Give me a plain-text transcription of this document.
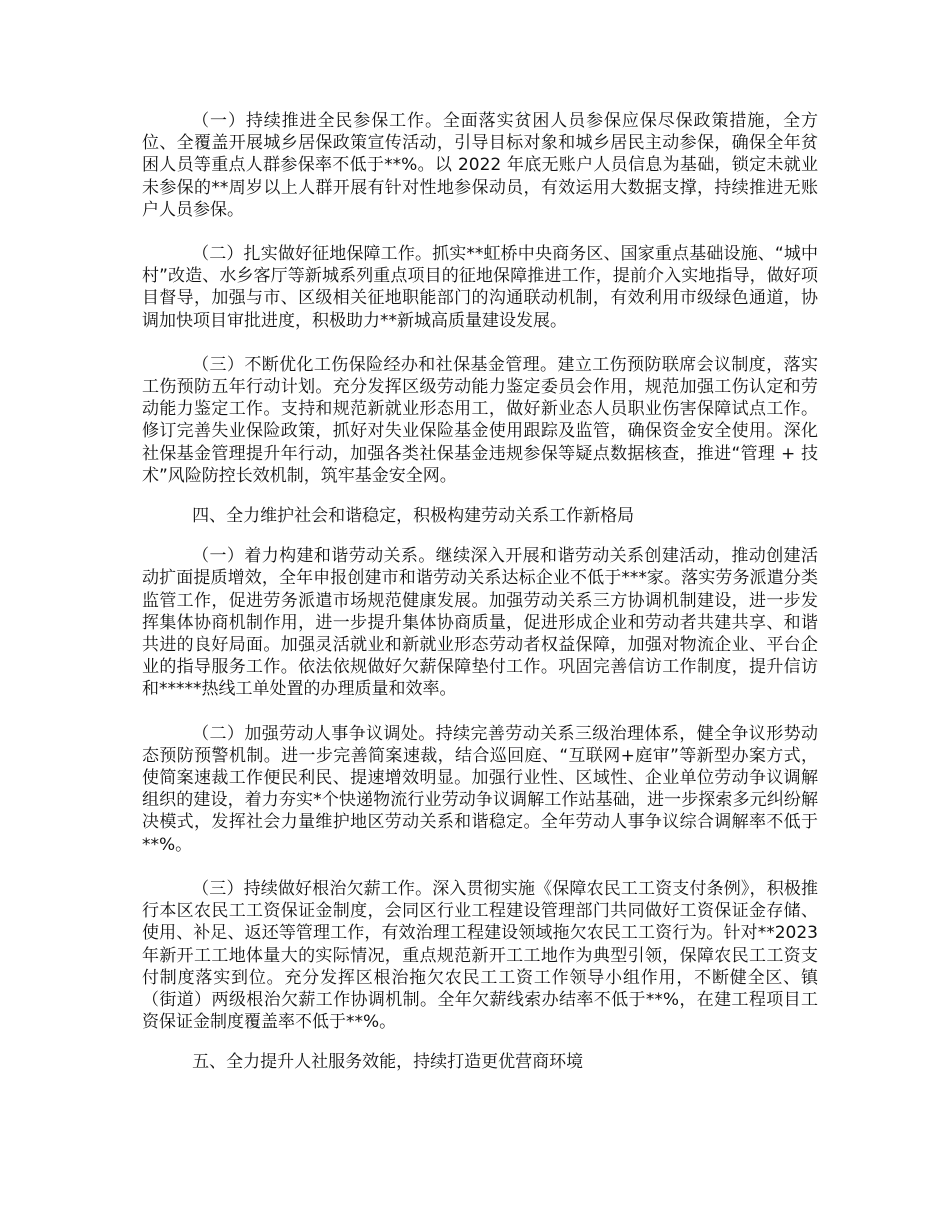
（一）持续推进全民参保工作。全面落实贫困人员参保应保尽保政策措施，全方位、全覆盖开展城乡居保政策宣传活动，引导目标对象和城乡居民主动参保，确保全年贫困人员等重点人群参保率不低于**%。以 2022 年底无账户人员信息为基础，锁定未就业未参保的**周岁以上人群开展有针对性地参保动员，有效运用大数据支撑，持续推进无账户人员参保。

（二）扎实做好征地保障工作。抓实**虹桥中央商务区、国家重点基础设施、“城中村”改造、水乡客厅等新城系列重点项目的征地保障推进工作，提前介入实地指导，做好项目督导，加强与市、区级相关征地职能部门的沟通联动机制，有效利用市级绿色通道，协调加快项目审批进度，积极助力**新城高质量建设发展。

（三）不断优化工伤保险经办和社保基金管理。建立工伤预防联席会议制度，落实工伤预防五年行动计划。充分发挥区级劳动能力鉴定委员会作用，规范加强工伤认定和劳动能力鉴定工作。支持和规范新就业形态用工，做好新业态人员职业伤害保障试点工作。修订完善失业保险政策，抓好对失业保险基金使用跟踪及监管，确保资金安全使用。深化社保基金管理提升年行动，加强各类社保基金违规参保等疑点数据核查，推进“管理 + 技术”风险防控长效机制，筑牢基金安全网。

四、全力维护社会和谐稳定，积极构建劳动关系工作新格局

（一）着力构建和谐劳动关系。继续深入开展和谐劳动关系创建活动，推动创建活动扩面提质增效，全年申报创建市和谐劳动关系达标企业不低于***家。落实劳务派遣分类监管工作，促进劳务派遣市场规范健康发展。加强劳动关系三方协调机制建设，进一步发挥集体协商机制作用，进一步提升集体协商质量，促进形成企业和劳动者共建共享、和谐共进的良好局面。加强灵活就业和新就业形态劳动者权益保障，加强对物流企业、平台企业的指导服务工作。依法依规做好欠薪保障垫付工作。巩固完善信访工作制度，提升信访和*****热线工单处置的办理质量和效率。

（二）加强劳动人事争议调处。持续完善劳动关系三级治理体系，健全争议形势动态预防预警机制。进一步完善简案速裁，结合巡回庭、“互联网+庭审”等新型办案方式，使简案速裁工作便民利民、提速增效明显。加强行业性、区域性、企业单位劳动争议调解组织的建设，着力夯实*个快递物流行业劳动争议调解工作站基础，进一步探索多元纠纷解决模式，发挥社会力量维护地区劳动关系和谐稳定。全年劳动人事争议综合调解率不低于**%。

（三）持续做好根治欠薪工作。深入贯彻实施《保障农民工工资支付条例》，积极推行本区农民工工资保证金制度，会同区行业工程建设管理部门共同做好工资保证金存储、使用、补足、返还等管理工作，有效治理工程建设领域拖欠农民工工资行为。针对**2023 年新开工工地体量大的实际情况，重点规范新开工工地作为典型引领，保障农民工工资支付制度落实到位。充分发挥区根治拖欠农民工工资工作领导小组作用，不断健全区、镇（街道）两级根治欠薪工作协调机制。全年欠薪线索办结率不低于**%，在建工程项目工资保证金制度覆盖率不低于**%。

五、全力提升人社服务效能，持续打造更优营商环境
